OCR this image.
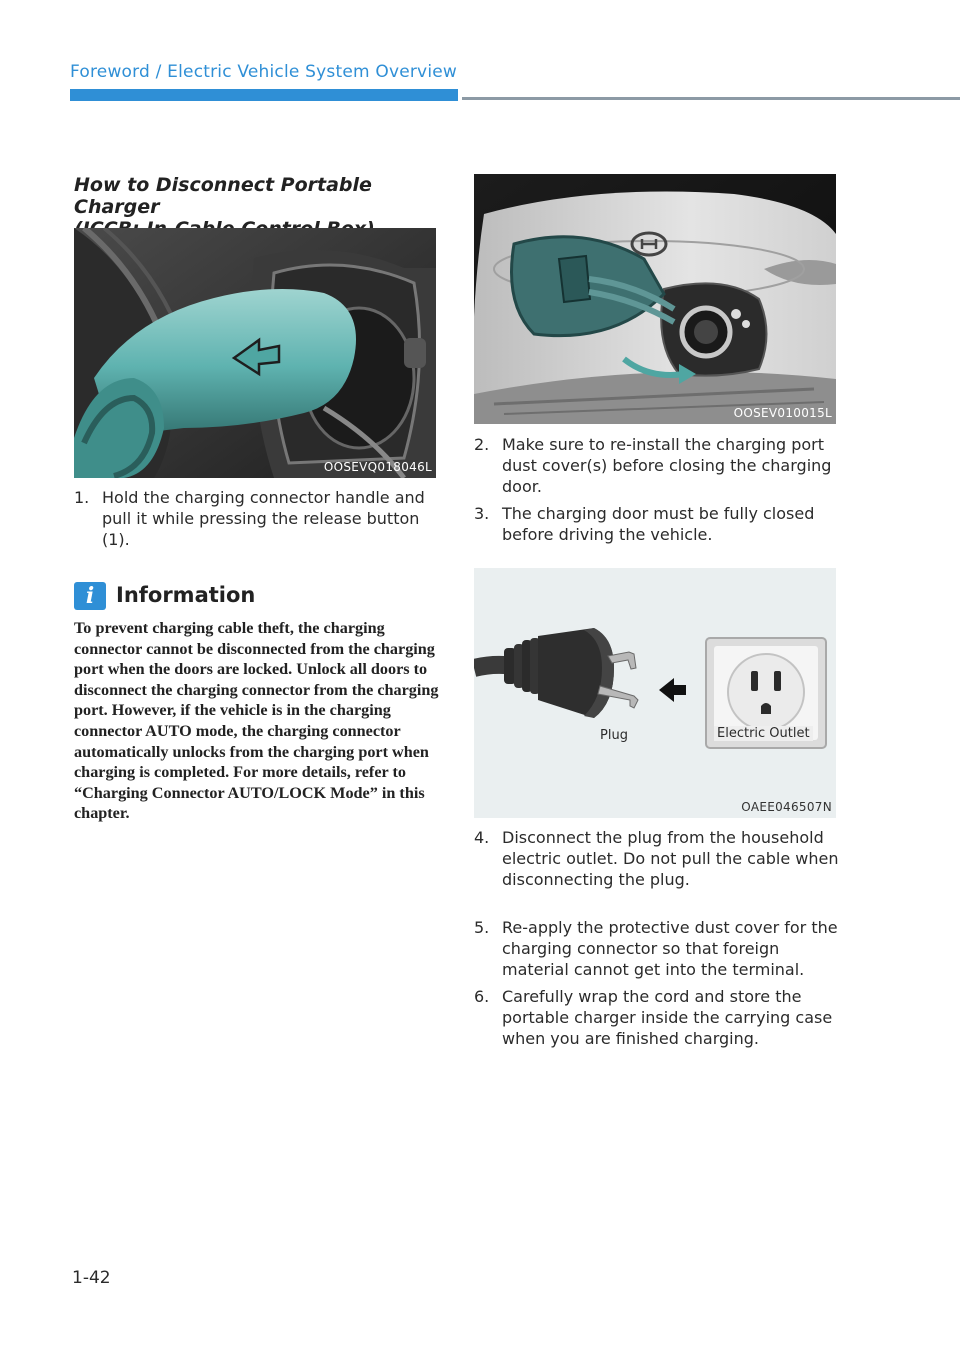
Foreword / Electric Vehicle System Overview
How to Disconnect Portable Charger
OOSEVQ018046L
1. Hold the charging connector handle and pull it while pressing the release button (1).
i	Information
To prevent charging cable theft, the charging connector cannot be disconnected from the charging port when the doors are locked. Unlock all doors to disconnect the charging connector from the charging port. However, if the vehicle is in the charging connector AUTO mode, the charging connector automatically unlocks from the charging port when charging is completed. For more details, refer to “Charging Connector AUTO/LOCK Mode” in this chapter.
OOSEV010015L
2. Make sure to re-install the charging port dust cover(s) before closing the charging door.
3. The charging door must be fully closed before driving the vehicle.
Plug	Electric Outlet
OAEE046507N
4. Disconnect the plug from the household electric outlet. Do not pull the cable when disconnecting the plug.
5. Re-apply the protective dust cover for the charging connector so that foreign material cannot get into the terminal.
6. Carefully wrap the cord and store the portable charger inside the carrying case when you are finished charging.
1-42
